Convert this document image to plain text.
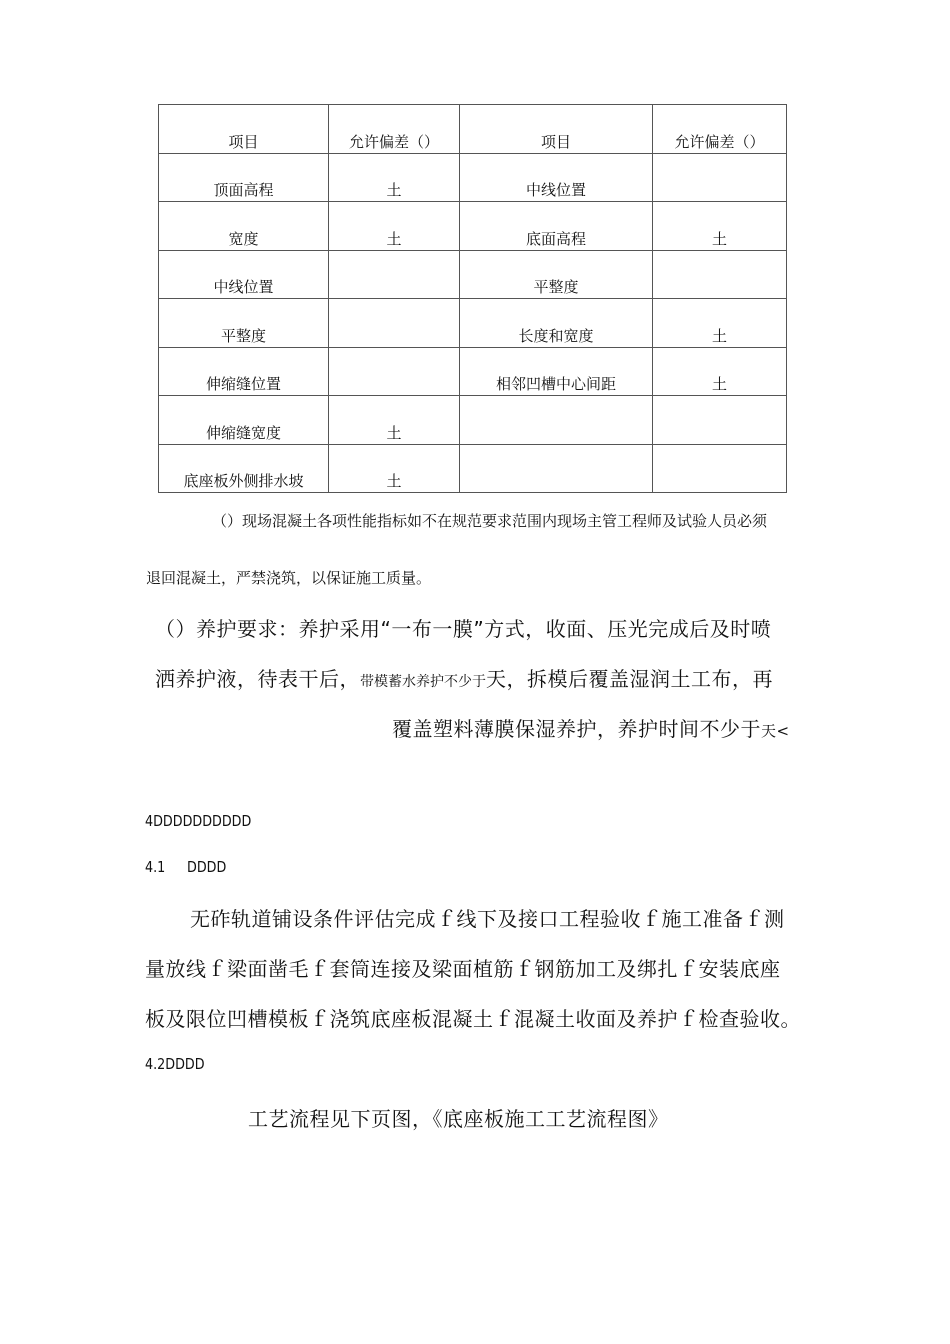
项目	允许偏差（）	项目	允许偏差（）
顶面高程	土	中线位置	
宽度	土	底面高程	土
中线位置		平整度	
平整度		长度和宽度	土
伸缩缝位置		相邻凹槽中心间距	土
伸缩缝宽度	土		
底座板外侧排水坡	土		
（）现场混凝土各项性能指标如不在规范要求范围内现场主管工程师及试验人员必须
退回混凝土，严禁浇筑，以保证施工质量。
（）养护要求：养护采用“一布一膜”方式，收面、压光完成后及时喷
洒养护液，待表干后，带模蓄水养护不少于天，拆模后覆盖湿润土工布，再
覆盖塑料薄膜保湿养护，养护时间不少于天<
4DDDDDDDDDD
4.1 DDDD
无砟轨道铺设条件评估完成ｆ线下及接口工程验收ｆ施工准备ｆ测
量放线ｆ梁面凿毛ｆ套筒连接及梁面植筋ｆ钢筋加工及绑扎ｆ安装底座
板及限位凹槽模板ｆ浇筑底座板混凝土ｆ混凝土收面及养护ｆ检查验收。
4.2DDDD
工艺流程见下页图，《底座板施工工艺流程图》
